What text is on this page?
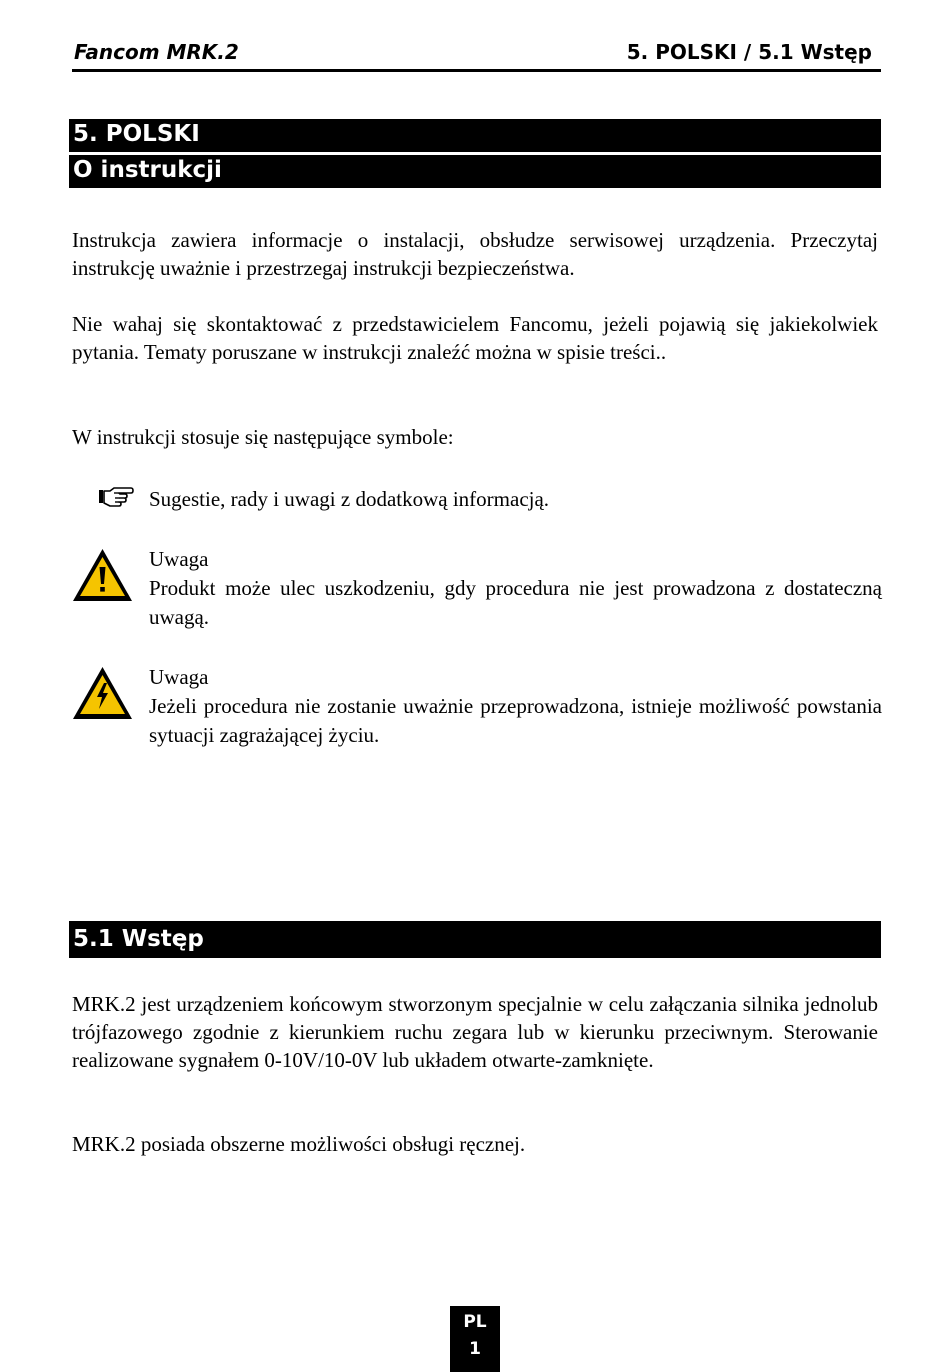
Fancom MRK.2	5. POLSKI / 5.1 Wstęp
5. POLSKI
O instrukcji

Instrukcja zawiera informacje o instalacji, obsłudze serwisowej urządzenia. Przeczytaj instrukcję uważnie i przestrzegaj instrukcji bezpieczeństwa.

Nie wahaj się skontaktować z przedstawicielem Fancomu, jeżeli pojawią się jakiekolwiek pytania. Tematy poruszane w instrukcji znaleźć można w spisie treści..

W instrukcji stosuje się następujące symbole:

Sugestie, rady i uwagi z dodatkową informacją.

Uwaga
Produkt może ulec uszkodzeniu, gdy procedura nie jest prowadzona z dostateczną uwagą.
Uwaga
Jeżeli procedura nie zostanie uważnie przeprowadzona, istnieje możliwość powstania sytuacji zagrażającej życiu.
5.1 Wstęp

MRK.2 jest urządzeniem końcowym stworzonym specjalnie w celu załączania silnika jednolub trójfazowego zgodnie z kierunkiem ruchu zegara lub w kierunku przeciwnym. Sterowanie realizowane sygnałem 0-10V/10-0V lub układem otwarte-zamknięte.

MRK.2 posiada obszerne możliwości obsługi ręcznej.

PL
1
